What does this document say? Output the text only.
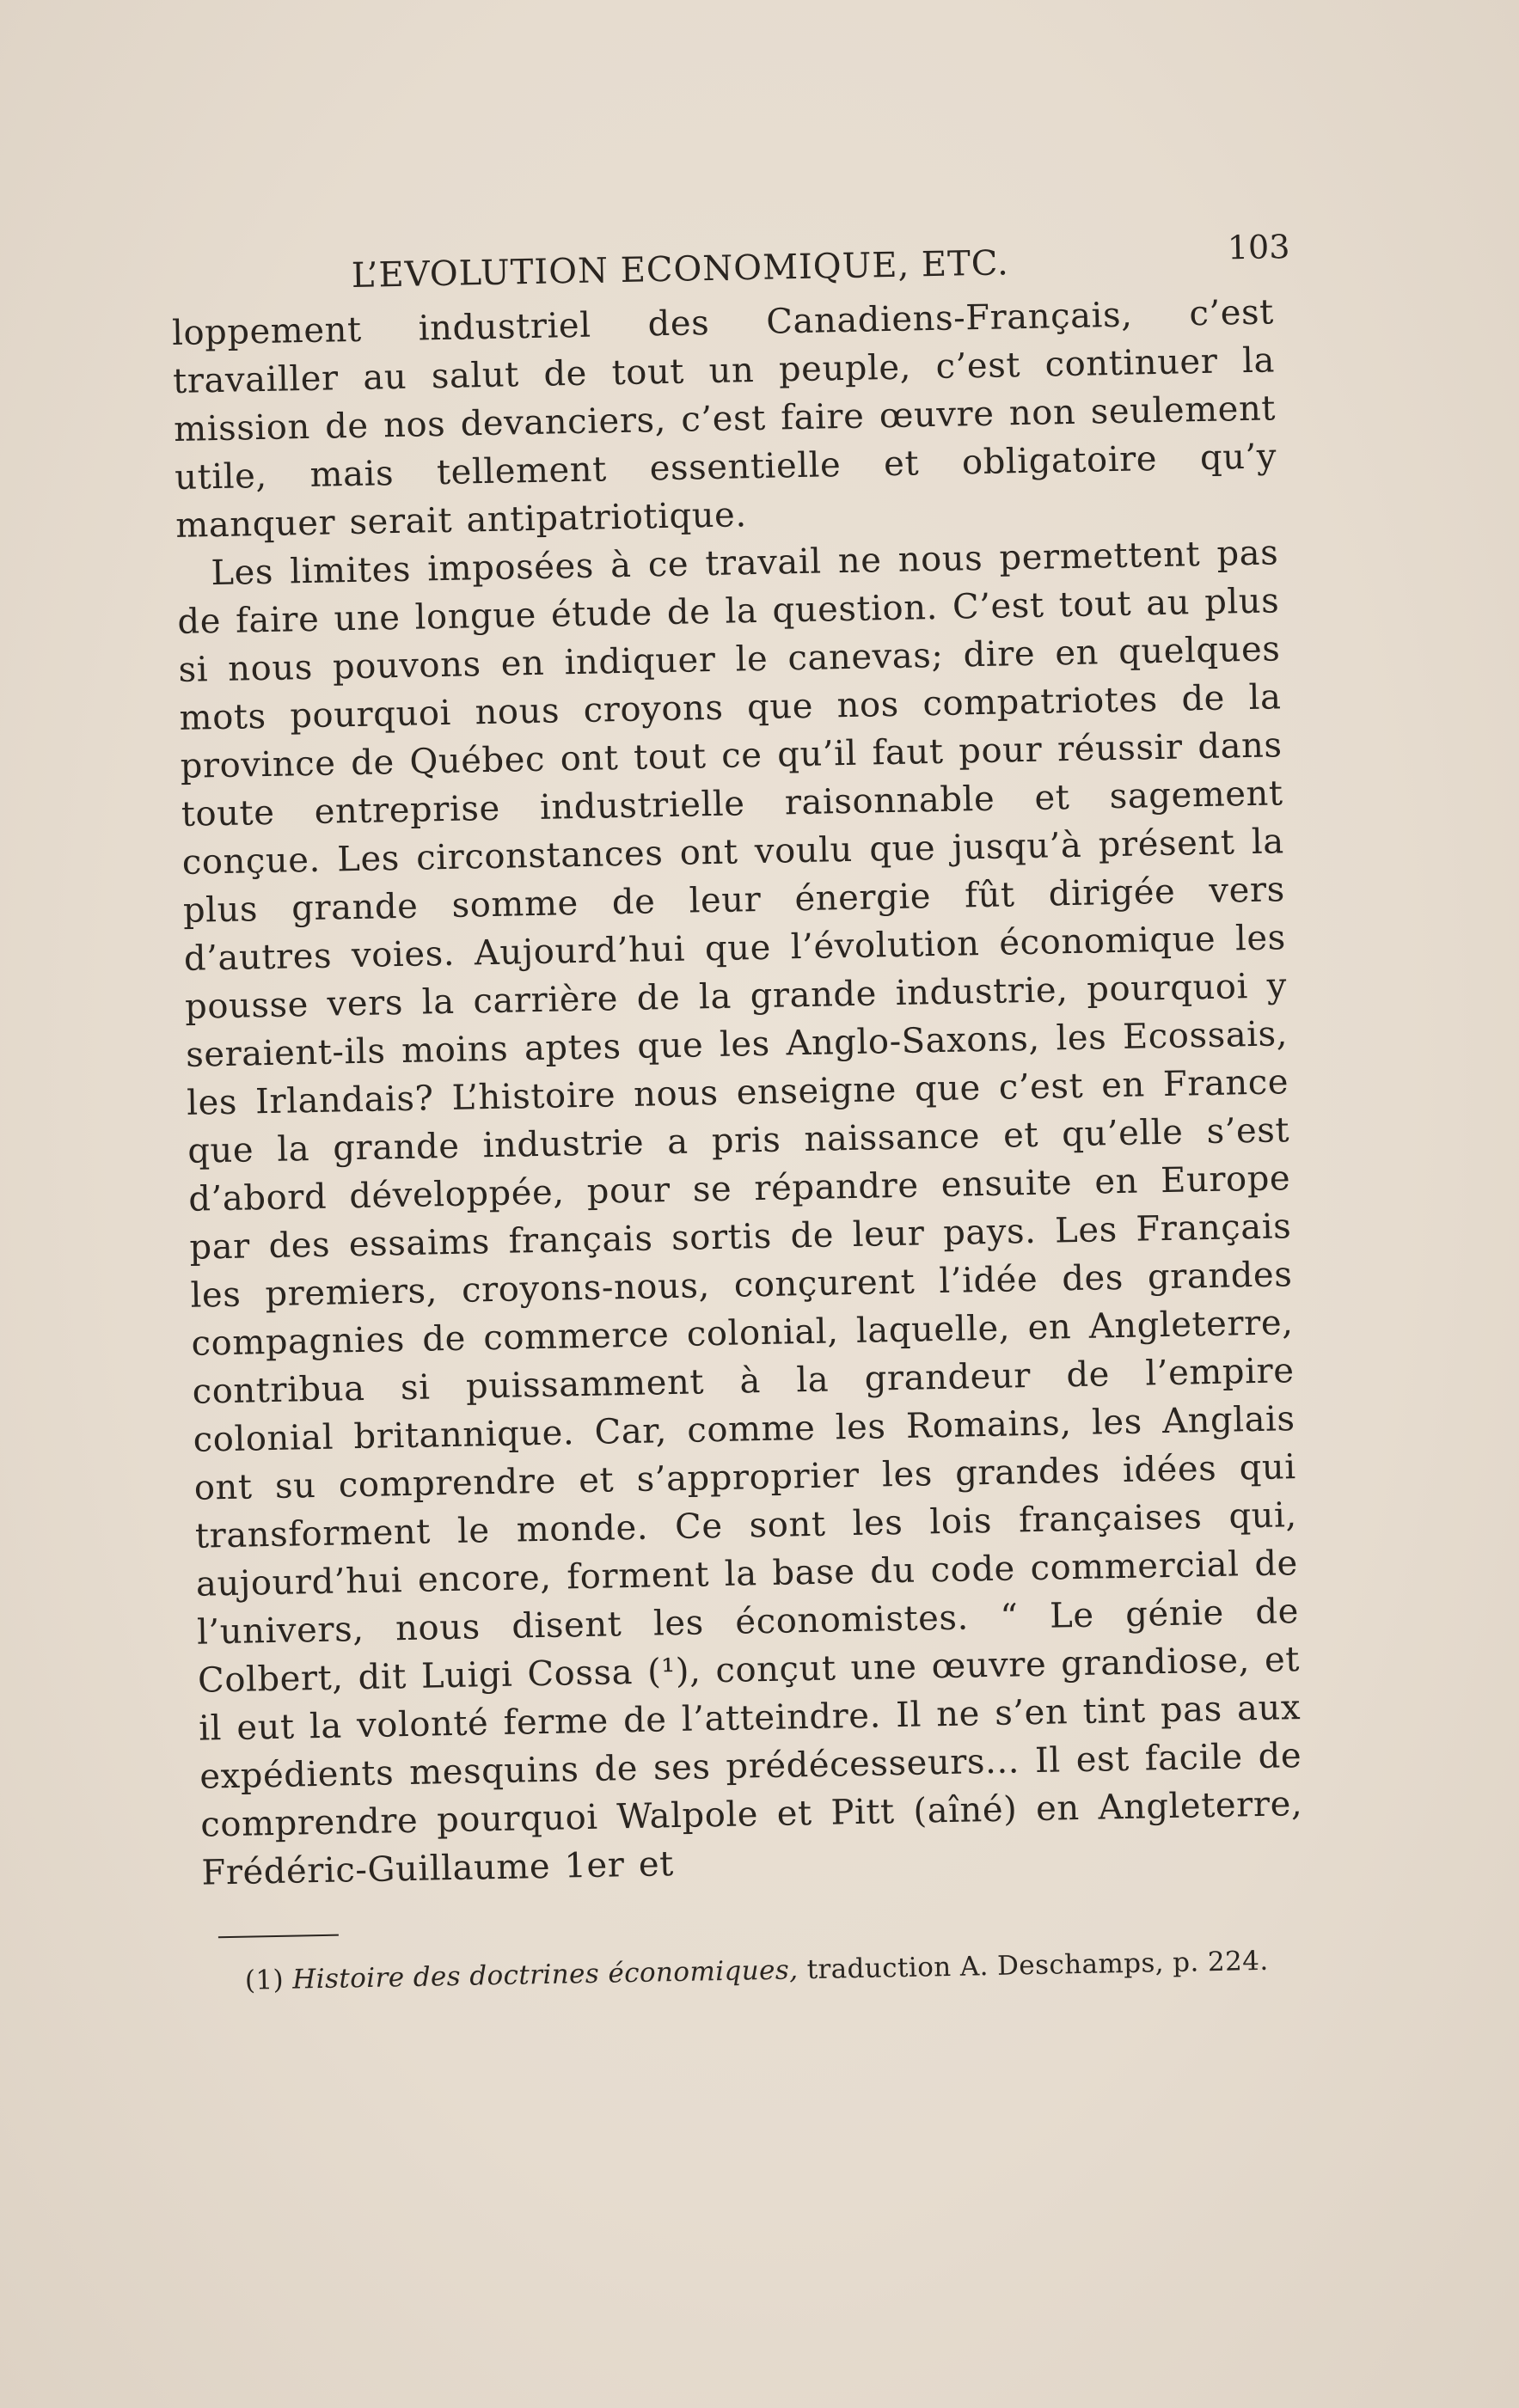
L’EVOLUTION ECONOMIQUE, ETC.	103

loppement industriel des Canadiens-Français, c’est travailler au salut de tout un peuple, c’est continuer la mission de nos devanciers, c’est faire œuvre non seulement utile, mais tellement essentielle et obligatoire qu’y manquer serait antipatriotique.

Les limites imposées à ce travail ne nous permettent pas de faire une longue étude de la question. C’est tout au plus si nous pouvons en indiquer le canevas; dire en quelques mots pourquoi nous croyons que nos compatriotes de la province de Québec ont tout ce qu’il faut pour réussir dans toute entreprise industrielle raisonnable et sagement conçue. Les circonstances ont voulu que jusqu’à présent la plus grande somme de leur énergie fût dirigée vers d’autres voies. Aujourd’hui que l’évolution économique les pousse vers la carrière de la grande industrie, pourquoi y seraient-ils moins aptes que les Anglo-Saxons, les Ecossais, les Irlandais? L’histoire nous enseigne que c’est en France que la grande industrie a pris naissance et qu’elle s’est d’abord développée, pour se répandre ensuite en Europe par des essaims français sortis de leur pays. Les Français les premiers, croyons-nous, conçurent l’idée des grandes compagnies de commerce colonial, laquelle, en Angleterre, contribua si puissamment à la grandeur de l’empire colonial britannique. Car, comme les Romains, les Anglais ont su comprendre et s’approprier les grandes idées qui transforment le monde. Ce sont les lois françaises qui, aujourd’hui encore, forment la base du code commercial de l’univers, nous disent les économistes. “ Le génie de Colbert, dit Luigi Cossa (¹), conçut une œuvre grandiose, et il eut la volonté ferme de l’atteindre. Il ne s’en tint pas aux expédients mesquins de ses prédécesseurs... Il est facile de comprendre pourquoi Walpole et Pitt (aîné) en Angleterre, Frédéric-Guillaume 1er et

(1) Histoire des doctrines économiques, traduction A. Deschamps, p. 224.
